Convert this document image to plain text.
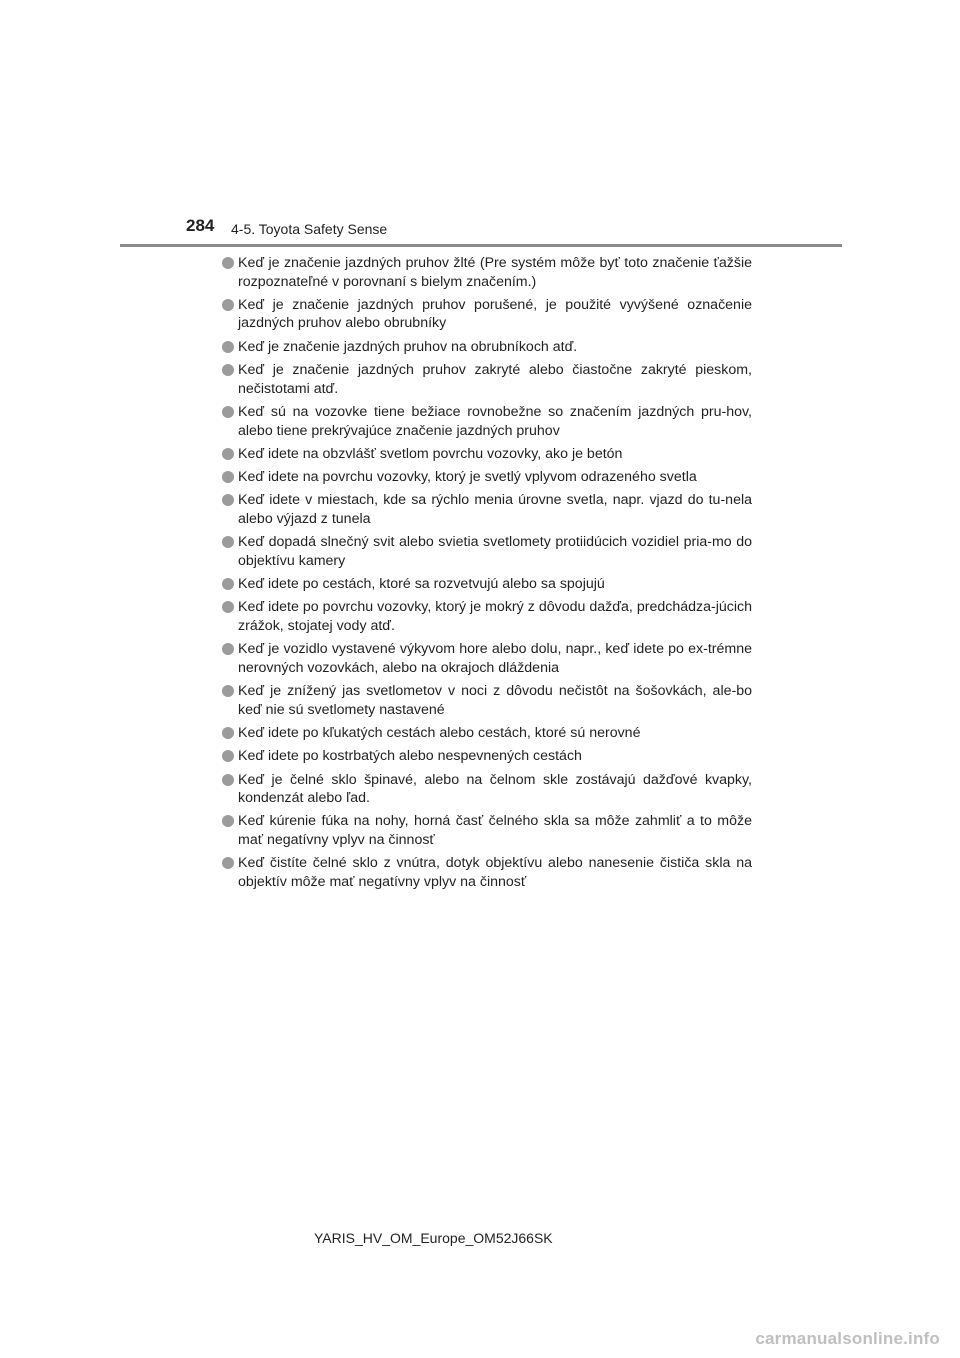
284 4-5. Toyota Safety Sense
Keď je značenie jazdných pruhov žlté (Pre systém môže byť toto značenie ťažšie rozpoznateľné v porovnaní s bielym značením.)
Keď je značenie jazdných pruhov porušené, je použité vyvýšené označenie jazdných pruhov alebo obrubníky
Keď je značenie jazdných pruhov na obrubníkoch atď.
Keď je značenie jazdných pruhov zakryté alebo čiastočne zakryté pieskom, nečistotami atď.
Keď sú na vozovke tiene bežiace rovnobežne so značením jazdných pru-hov, alebo tiene prekrývajúce značenie jazdných pruhov
Keď idete na obzvlášť svetlom povrchu vozovky, ako je betón
Keď idete na povrchu vozovky, ktorý je svetlý vplyvom odrazeného svetla
Keď idete v miestach, kde sa rýchlo menia úrovne svetla, napr. vjazd do tu-nela alebo výjazd z tunela
Keď dopadá slnečný svit alebo svietia svetlomety protiidúcich vozidiel pria-mo do objektívu kamery
Keď idete po cestách, ktoré sa rozvetvujú alebo sa spojujú
Keď idete po povrchu vozovky, ktorý je mokrý z dôvodu dažďa, predchádza-júcich zrážok, stojatej vody atď.
Keď je vozidlo vystavené výkyvom hore alebo dolu, napr., keď idete po ex-trémne nerovných vozovkách, alebo na okrajoch dláždenia
Keď je znížený jas svetlometov v noci z dôvodu nečistôt na šošovkách, ale-bo keď nie sú svetlomety nastavené
Keď idete po kľukatých cestách alebo cestách, ktoré sú nerovné
Keď idete po kostrbatých alebo nespevnených cestách
Keď je čelné sklo špinavé, alebo na čelnom skle zostávajú dažďové kvapky, kondenzát alebo ľad.
Keď kúrenie fúka na nohy, horná časť čelného skla sa môže zahmliť a to môže mať negatívny vplyv na činnosť
Keď čistíte čelné sklo z vnútra, dotyk objektívu alebo nanesenie čističa skla na objektív môže mať negatívny vplyv na činnosť
YARIS_HV_OM_Europe_OM52J66SK
carmanualsonline.info
